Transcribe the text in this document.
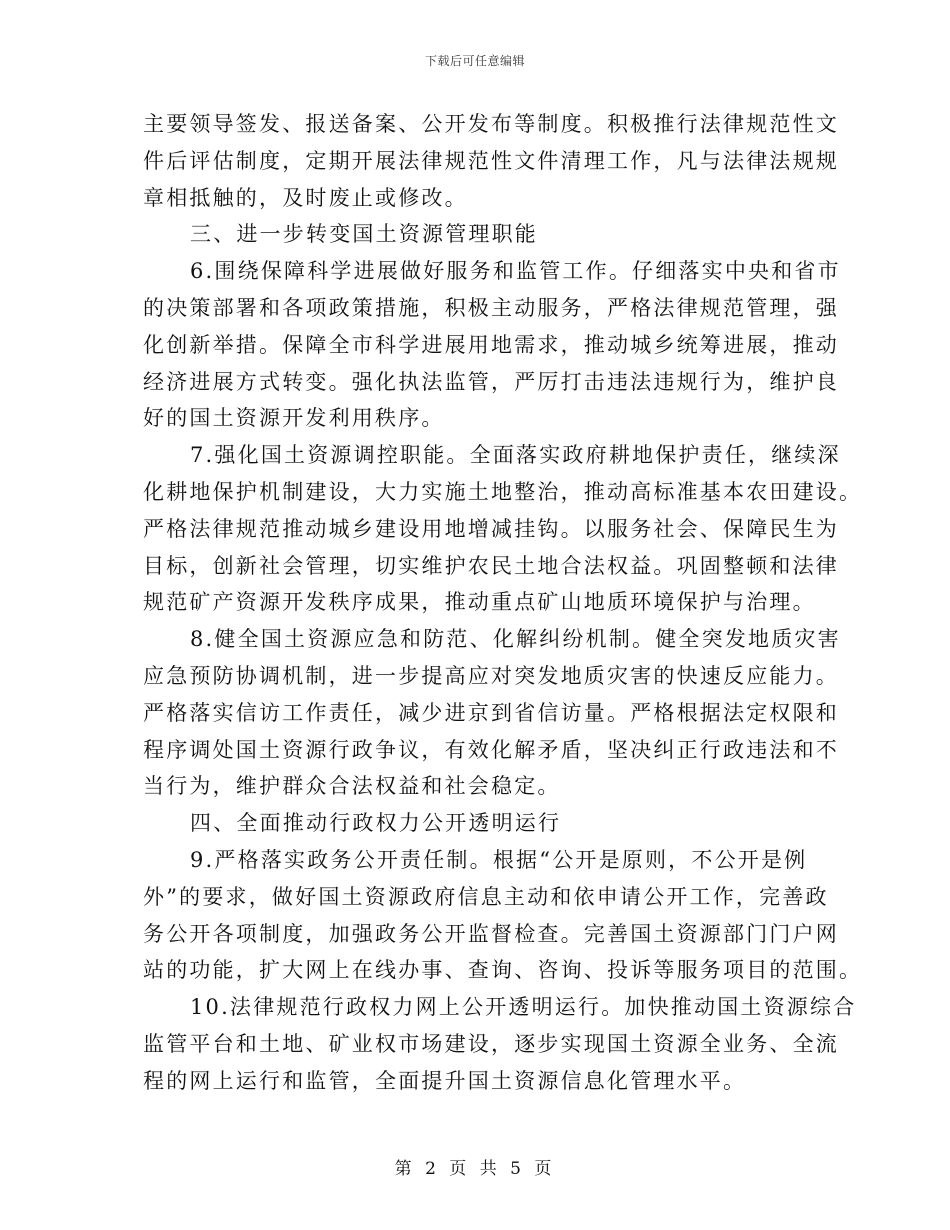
下载后可任意编辑
主要领导签发、报送备案、公开发布等制度。积极推行法律规范性文
件后评估制度，定期开展法律规范性文件清理工作，凡与法律法规规
章相抵触的，及时废止或修改。
三、进一步转变国土资源管理职能
6.围绕保障科学进展做好服务和监管工作。仔细落实中央和省市
的决策部署和各项政策措施，积极主动服务，严格法律规范管理，强
化创新举措。保障全市科学进展用地需求，推动城乡统筹进展，推动
经济进展方式转变。强化执法监管，严厉打击违法违规行为，维护良
好的国土资源开发利用秩序。
7.强化国土资源调控职能。全面落实政府耕地保护责任，继续深
化耕地保护机制建设，大力实施土地整治，推动高标准基本农田建设。
严格法律规范推动城乡建设用地增减挂钩。以服务社会、保障民生为
目标，创新社会管理，切实维护农民土地合法权益。巩固整顿和法律
规范矿产资源开发秩序成果，推动重点矿山地质环境保护与治理。
8.健全国土资源应急和防范、化解纠纷机制。健全突发地质灾害
应急预防协调机制，进一步提高应对突发地质灾害的快速反应能力。
严格落实信访工作责任，减少进京到省信访量。严格根据法定权限和
程序调处国土资源行政争议，有效化解矛盾，坚决纠正行政违法和不
当行为，维护群众合法权益和社会稳定。
四、全面推动行政权力公开透明运行
9.严格落实政务公开责任制。根据“公开是原则，不公开是例
外”的要求，做好国土资源政府信息主动和依申请公开工作，完善政
务公开各项制度，加强政务公开监督检查。完善国土资源部门门户网
站的功能，扩大网上在线办事、查询、咨询、投诉等服务项目的范围。
10.法律规范行政权力网上公开透明运行。加快推动国土资源综合
监管平台和土地、矿业权市场建设，逐步实现国土资源全业务、全流
程的网上运行和监管，全面提升国土资源信息化管理水平。
第 2 页 共 5 页
